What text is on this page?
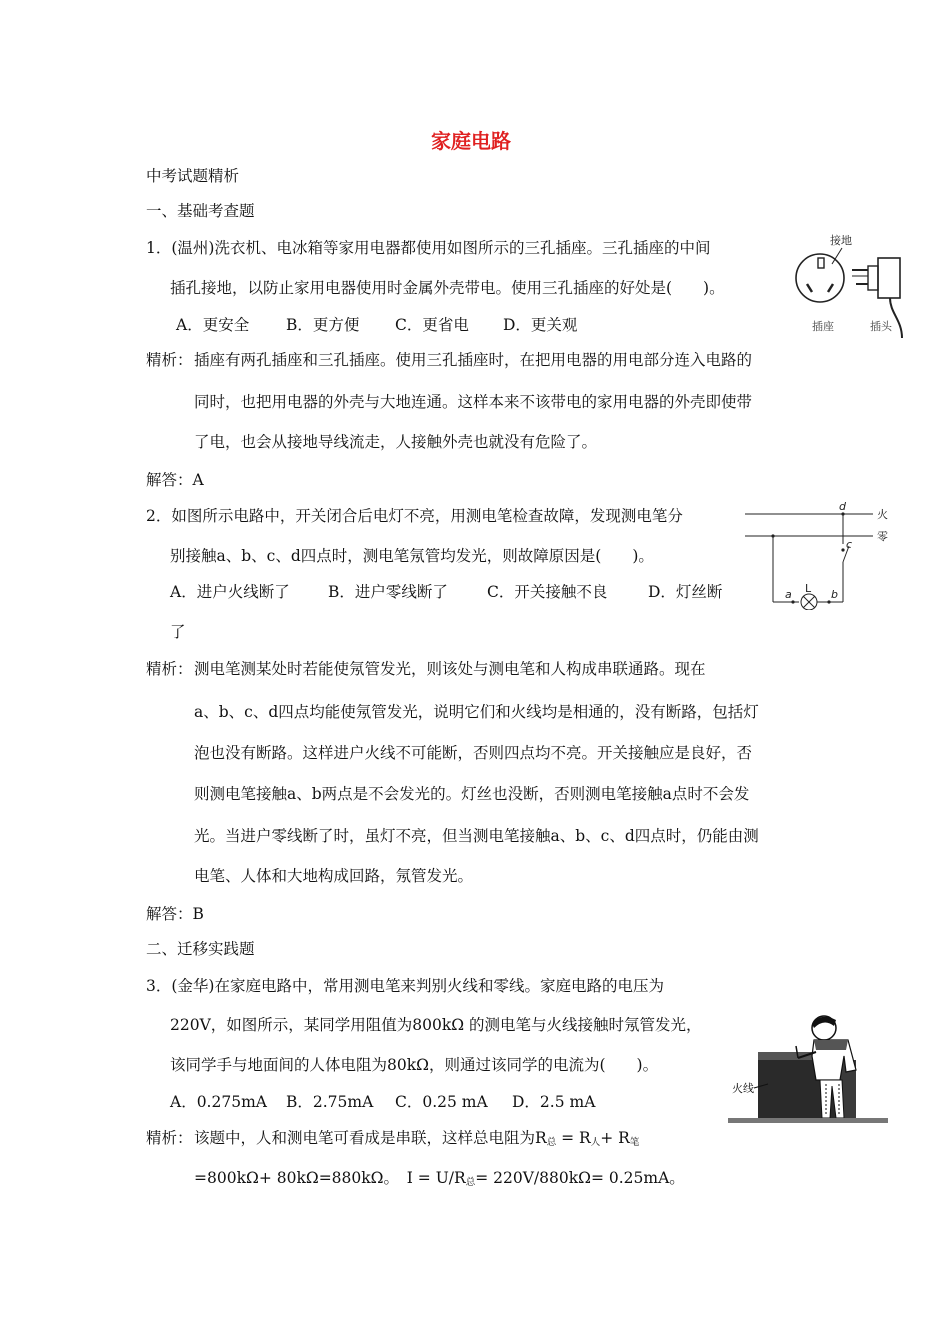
家庭电路
中考试题精析
一、基础考查题
1．(温州)洗衣机、电冰箱等家用电器都使用如图所示的三孔插座。三孔插座的中间
插孔接地，以防止家用电器使用时金属外壳带电。使用三孔插座的好处是(　　)。
A．更安全 B．更方便 C．更省电 D．更关观
接地
插座	插头
精析： 插座有两孔插座和三孔插座。使用三孔插座时，在把用电器的用电部分连入电路的
同时，也把用电器的外壳与大地连通。这样本来不该带电的家用电器的外壳即使带
了电，也会从接地导线流走，人接触外壳也就没有危险了。
解答：A
2．如图所示电路中，开关闭合后电灯不亮，用测电笔检查故障，发现测电笔分
别接触a、b、c、d四点时，测电笔氖管均发光，则故障原因是(　　)。
A．进户火线断了 B．进户零线断了	C．开关接触不良	D．灯丝断
了
火
零
d
c
a L b
精析： 测电笔测某处时若能使氖管发光，则该处与测电笔和人构成串联通路。现在
a、b、c、d四点均能使氖管发光，说明它们和火线均是相通的，没有断路，包括灯
泡也没有断路。这样进户火线不可能断，否则四点均不亮。开关接触应是良好，否
则测电笔接触a、b两点是不会发光的。灯丝也没断，否则测电笔接触a点时不会发
光。当进户零线断了时，虽灯不亮，但当测电笔接触a、b、c、d四点时，仍能由测
电笔、人体和大地构成回路，氖管发光。
解答：B
二、迁移实践题
3．(金华)在家庭电路中，常用测电笔来判别火线和零线。家庭电路的电压为
220V，如图所示，某同学用阻值为800kΩ 的测电笔与火线接触时氖管发光，
该同学手与地面间的人体电阻为80kΩ，则通过该同学的电流为(　　)。
A．0.275mA B．2.75mA C．0.25 mA D．2.5 mA
火线
精析： 该题中，人和测电笔可看成是串联，这样总电阻为$R_总 = R_人+ R_笔$
=800kΩ+ 80kΩ=880kΩ。　$I = U/R_总= 220V/880k\Omega= 0.25mA$。
